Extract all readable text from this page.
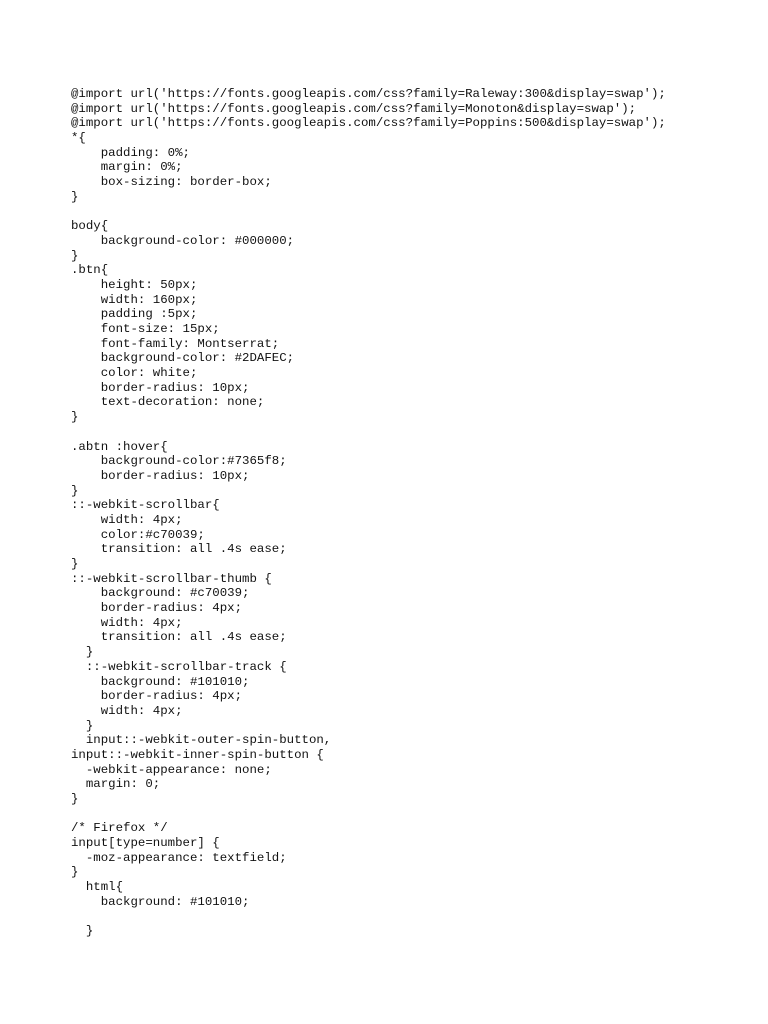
@import url('https://fonts.googleapis.com/css?family=Raleway:300&display=swap');
@import url('https://fonts.googleapis.com/css?family=Monoton&display=swap');
@import url('https://fonts.googleapis.com/css?family=Poppins:500&display=swap');
*{
padding: 0%;
margin: 0%;
box-sizing: border-box;
}
body{
background-color: #000000;
}
.btn{
height: 50px;
width: 160px;
padding :5px;
font-size: 15px;
font-family: Montserrat;
background-color: #2DAFEC;
color: white;
border-radius: 10px;
text-decoration: none;
}
.abtn :hover{
background-color:#7365f8;
border-radius: 10px;
}
::-webkit-scrollbar{
width: 4px;
color:#c70039;
transition: all .4s ease;
}
::-webkit-scrollbar-thumb {
background: #c70039;
border-radius: 4px;
width: 4px;
transition: all .4s ease;
}
::-webkit-scrollbar-track {
background: #101010;
border-radius: 4px;
width: 4px;
}
input::-webkit-outer-spin-button,
input::-webkit-inner-spin-button {
-webkit-appearance: none;
margin: 0;
}
/* Firefox */
input[type=number] {
-moz-appearance: textfield;
}
html{
background: #101010;
}
